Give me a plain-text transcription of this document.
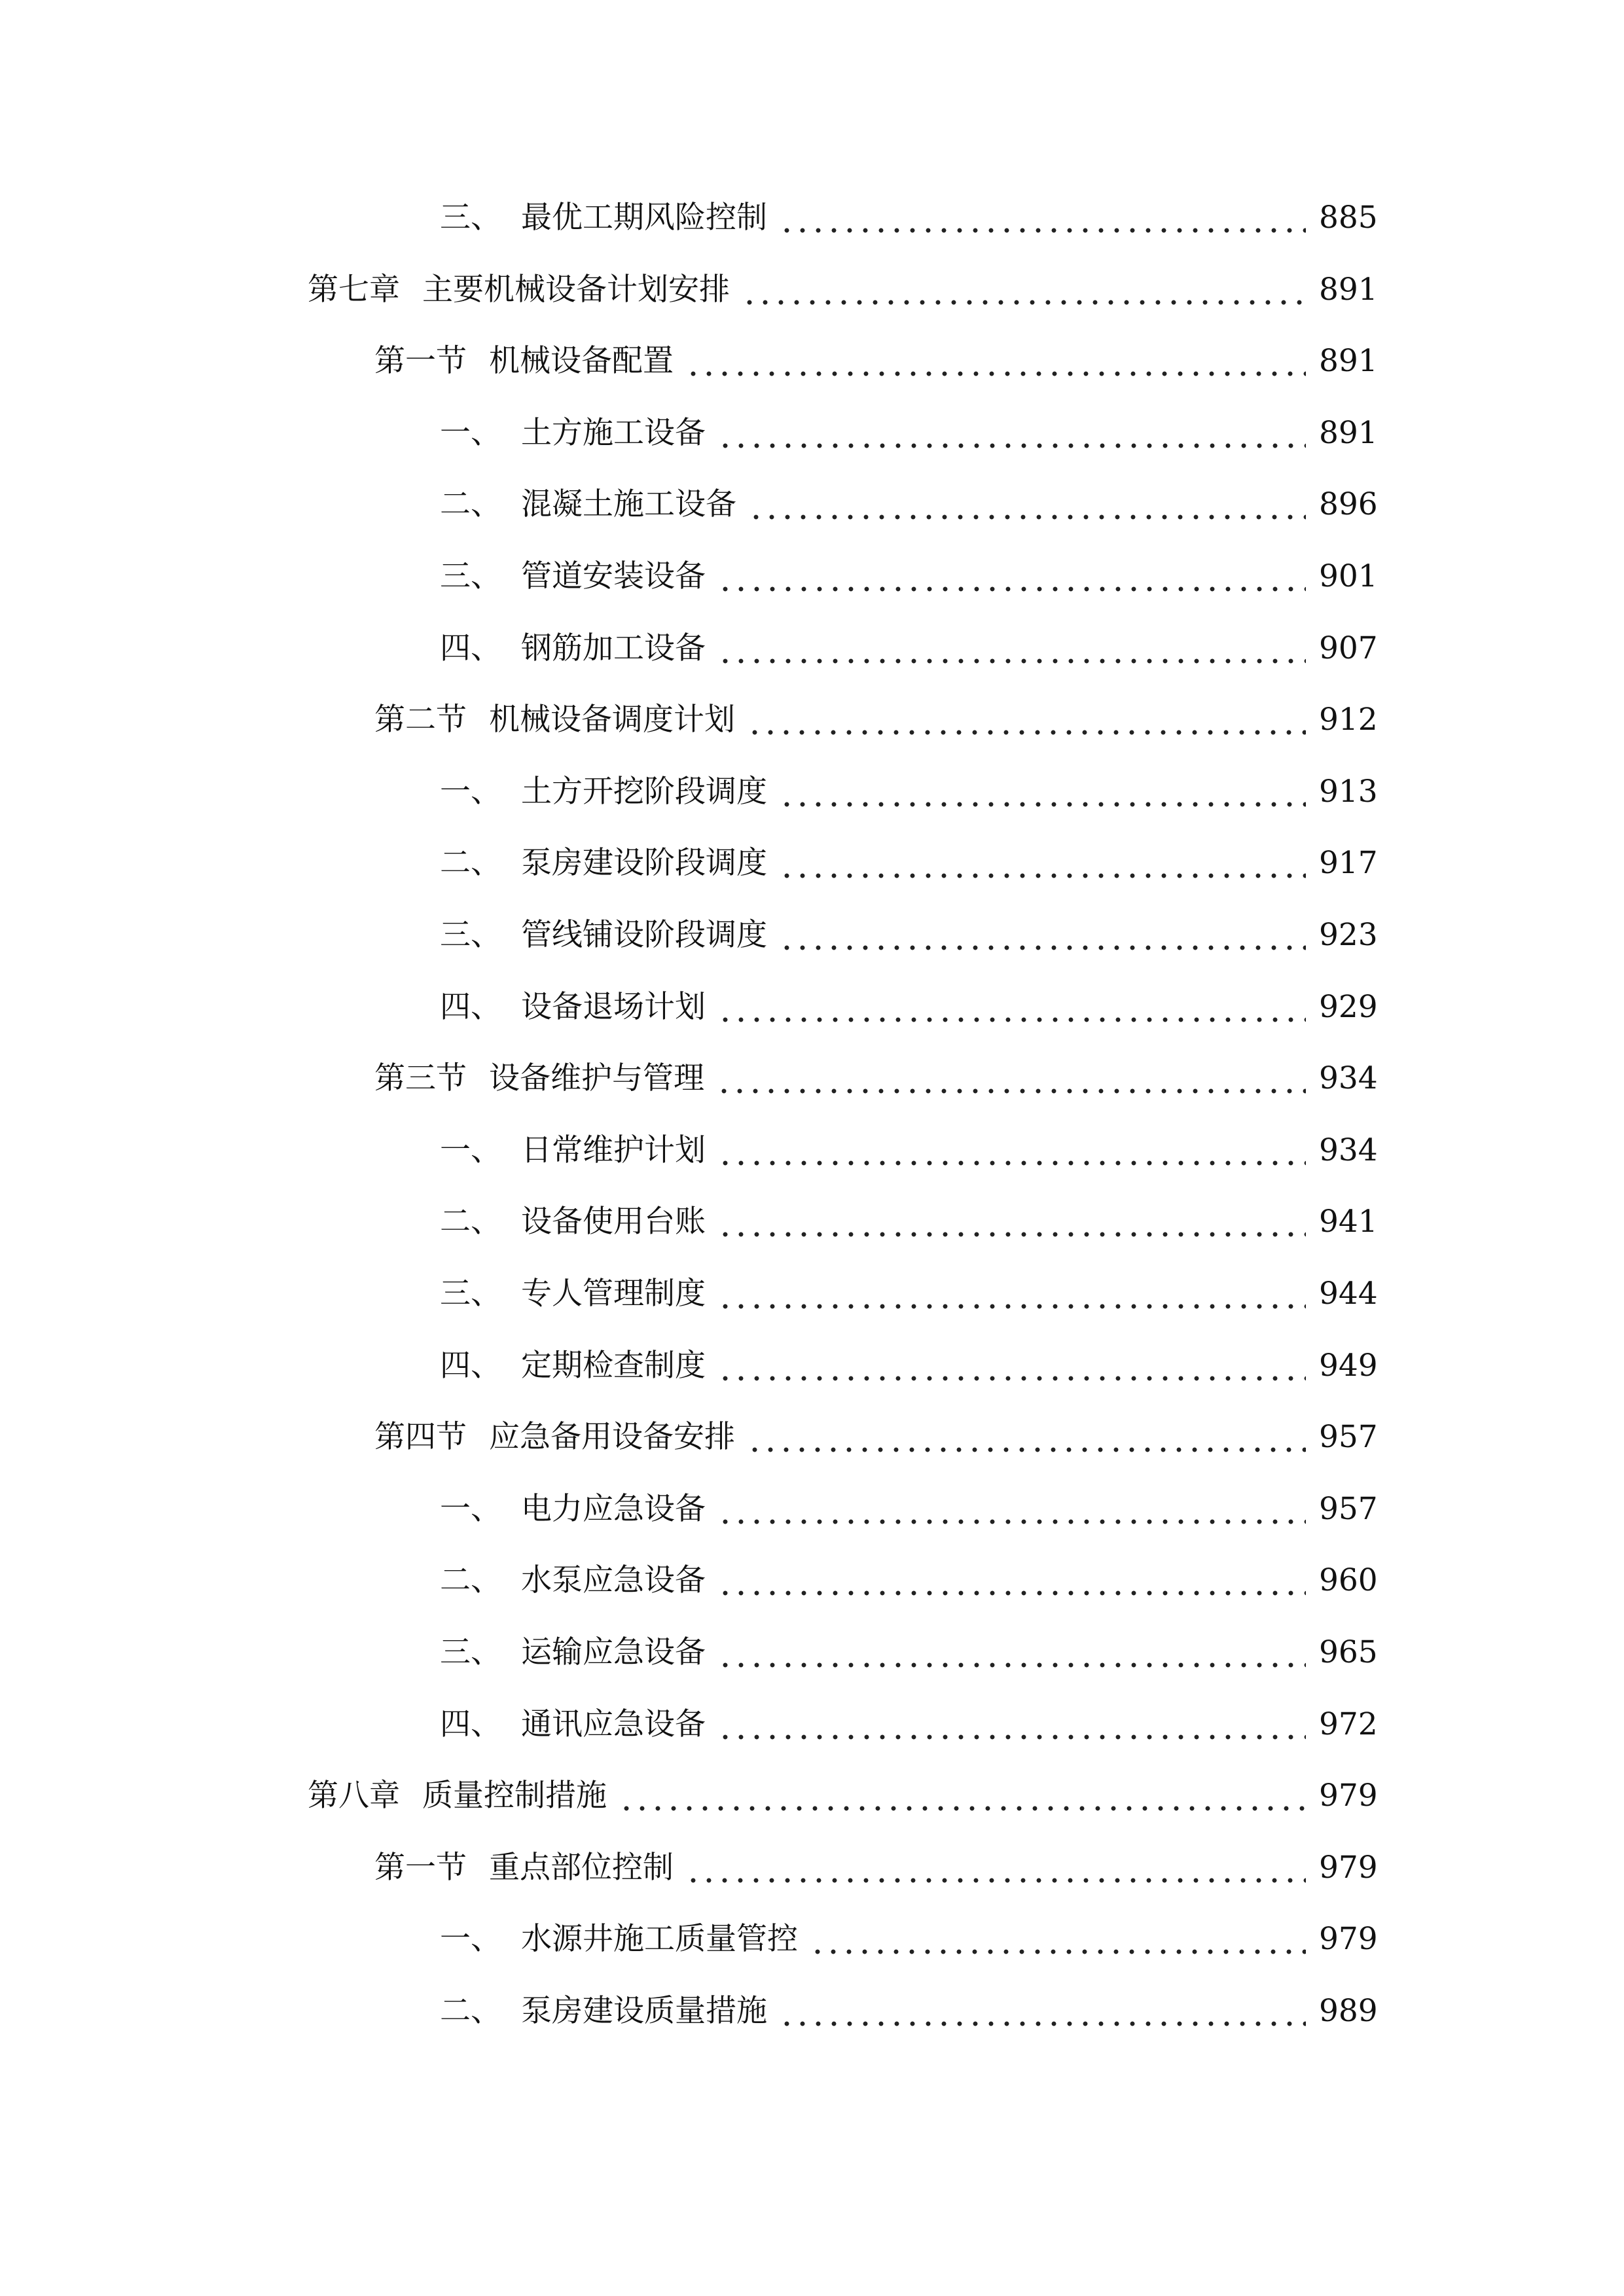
三、 最优工期风险控制	885
第七章 主要机械设备计划安排	891
第一节 机械设备配置	891
一、 土方施工设备	891
二、 混凝土施工设备	896
三、 管道安装设备	901
四、 钢筋加工设备	907
第二节 机械设备调度计划	912
一、 土方开挖阶段调度	913
二、 泵房建设阶段调度	917
三、 管线铺设阶段调度	923
四、 设备退场计划	929
第三节 设备维护与管理	934
一、 日常维护计划	934
二、 设备使用台账	941
三、 专人管理制度	944
四、 定期检查制度	949
第四节 应急备用设备安排	957
一、 电力应急设备	957
二、 水泵应急设备	960
三、 运输应急设备	965
四、 通讯应急设备	972
第八章 质量控制措施	979
第一节 重点部位控制	979
一、 水源井施工质量管控	979
二、 泵房建设质量措施	989
